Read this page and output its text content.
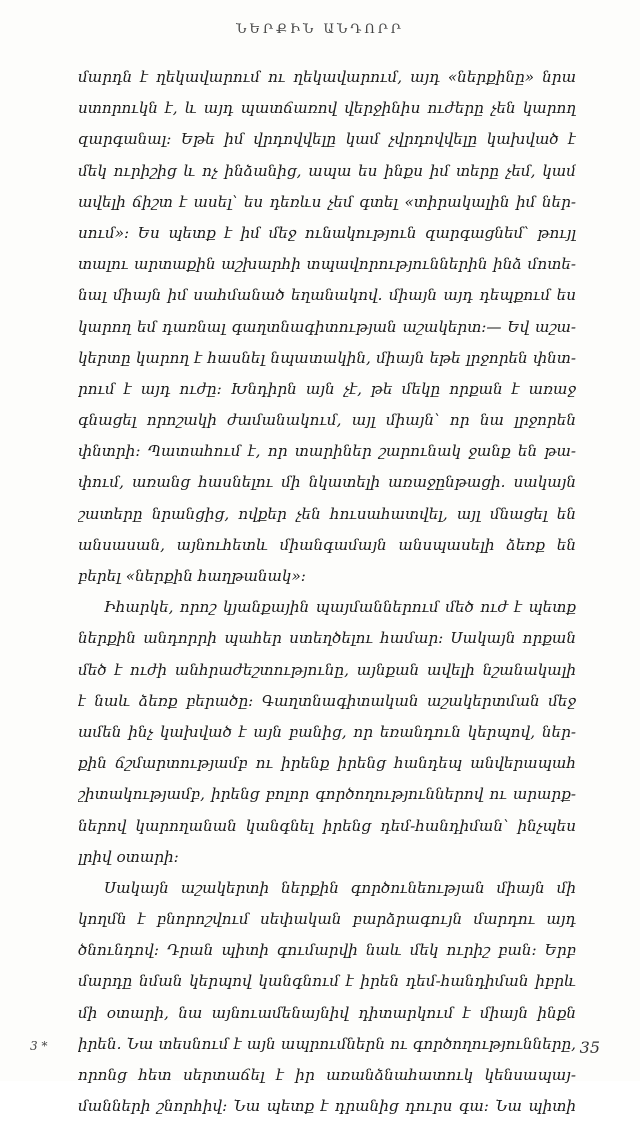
ՆԵՐՔԻՆ ԱՆԴՈՐՐ
մարդն է ղեկավարում ու ղեկավարում, այդ «ներքինը» նրա
ստորուկն է, և այդ պատճառով վերջինիս ուժերը չեն կարող
զարգանալ: Եթե իմ վրդովվելը կամ չվրդովվելը կախված է
մեկ ուրիշից և ոչ ինձանից, ապա ես ինքս իմ տերը չեմ, կամ
ավելի ճիշտ է ասել՝ ես դեռևս չեմ գտել «տիրակալին իմ ներ-
սում»: Ես պետք է իմ մեջ ունակություն զարգացնեմ՝ թույլ
տալու արտաքին աշխարհի տպավորություններին ինձ մոտե-
նալ միայն իմ սահմանած եղանակով. միայն այդ դեպքում ես
կարող եմ դառնալ գաղտնագիտության աշակերտ:— Եվ աշա-
կերտը կարող է հասնել նպատակին, միայն եթե լրջորեն փնտ-
րում է այդ ուժը: Խնդիրն այն չէ, թե մեկը որքան է առաջ
գնացել որոշակի ժամանակում, այլ միայն՝ որ նա լրջորեն
փնտրի: Պատահում է, որ տարիներ շարունակ ջանք են թա-
փում, առանց հասնելու մի նկատելի առաջընթացի. սակայն
շատերը նրանցից, ովքեր չեն հուսահատվել, այլ մնացել են
անսասան, այնուհետև միանգամայն անսպասելի ձեռք են
բերել «ներքին հաղթանակ»:
Իհարկե, որոշ կյանքային պայմաններում մեծ ուժ է պետք
ներքին անդորրի պահեր ստեղծելու համար: Սակայն որքան
մեծ է ուժի անհրաժեշտությունը, այնքան ավելի նշանակալի
է նաև ձեռք բերածը: Գաղտնագիտական աշակերտման մեջ
ամեն ինչ կախված է այն բանից, որ եռանդուն կերպով, ներ-
քին ճշմարտությամբ ու իրենք իրենց հանդեպ անվերապահ
շիտակությամբ, իրենց բոլոր գործողություններով ու արարք-
ներով կարողանան կանգնել իրենց դեմ-հանդիման՝ ինչպես
լրիվ օտարի:
Սակայն աշակերտի ներքին գործունեության միայն մի
կողմն է բնորոշվում սեփական բարձրագույն մարդու այդ
ծնունդով: Դրան պիտի գումարվի նաև մեկ ուրիշ բան: Երբ
մարդը նման կերպով կանգնում է իրեն դեմ-հանդիման իբրև
մի օտարի, նա այնուամենայնիվ դիտարկում է միայն ինքն
իրեն. Նա տեսնում է այն ապրումներն ու գործողությունները,
որոնց հետ սերտաճել է իր առանձնահատուկ կենսապայ-
մանների շնորհիվ: Նա պետք է դրանից դուրս գա: Նա պիտի
3 *	35
